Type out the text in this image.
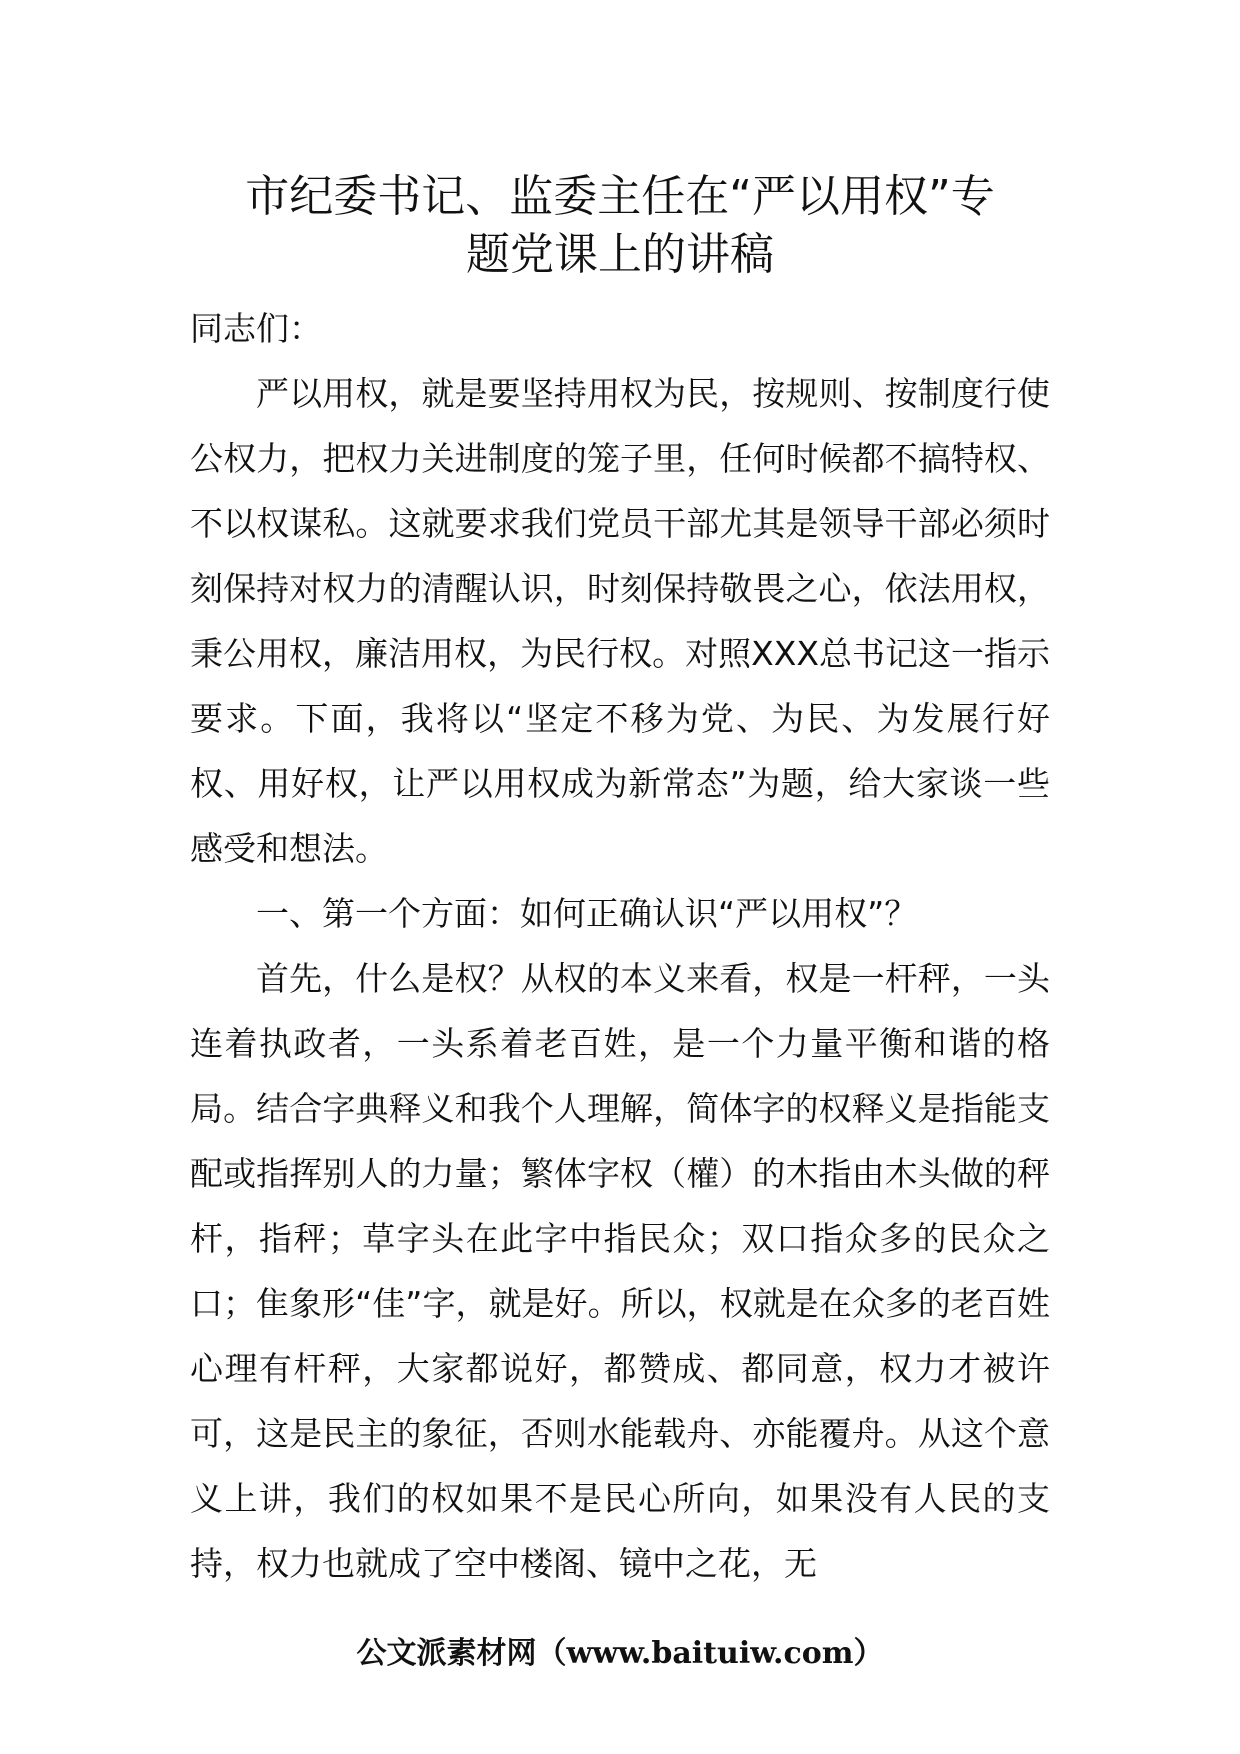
市纪委书记、监委主任在“严以用权”专
题党课上的讲稿

同志们：

严以用权，就是要坚持用权为民，按规则、按制度行使公权力，把权力关进制度的笼子里，任何时候都不搞特权、不以权谋私。这就要求我们党员干部尤其是领导干部必须时刻保持对权力的清醒认识，时刻保持敬畏之心，依法用权，秉公用权，廉洁用权，为民行权。对照XXX总书记这一指示要求。下面，我将以“坚定不移为党、为民、为发展行好权、用好权，让严以用权成为新常态”为题，给大家谈一些感受和想法。

一、第一个方面：如何正确认识“严以用权”？

首先，什么是权？从权的本义来看，权是一杆秤，一头连着执政者，一头系着老百姓，是一个力量平衡和谐的格局。结合字典释义和我个人理解，简体字的权释义是指能支配或指挥别人的力量；繁体字权（權）的木指由木头做的秤杆，指秤；草字头在此字中指民众；双口指众多的民众之口；隹象形“佳”字，就是好。所以，权就是在众多的老百姓心理有杆秤，大家都说好，都赞成、都同意，权力才被许可，这是民主的象征，否则水能载舟、亦能覆舟。从这个意义上讲，我们的权如果不是民心所向，如果没有人民的支持，权力也就成了空中楼阁、镜中之花，无

公文派素材网（www.baituiw.com）
